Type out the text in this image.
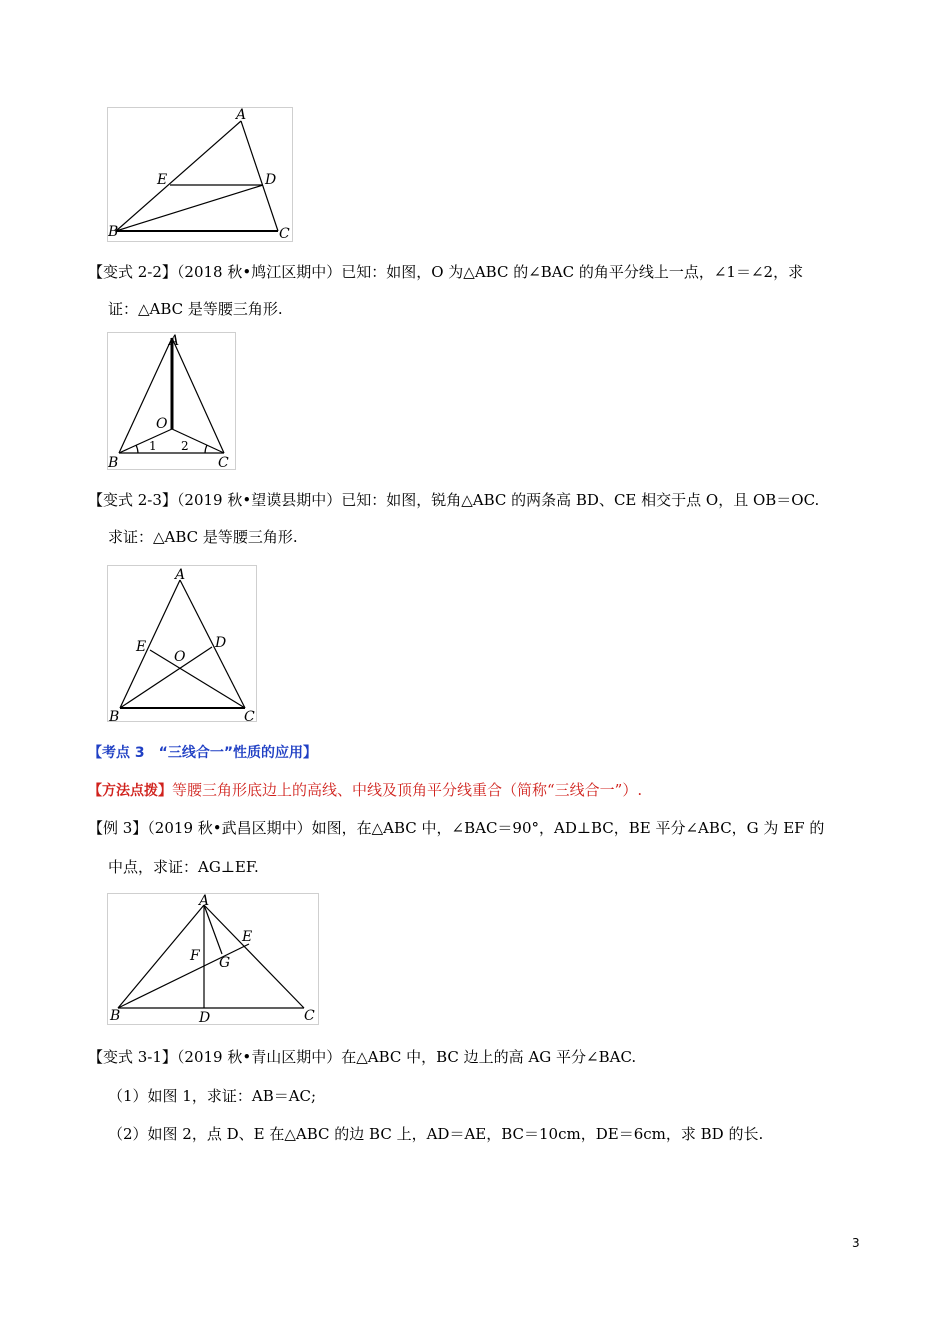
A
E	D
B	C
【变式 2-2】（2018 秋•鸠江区期中）已知：如图，O 为△ABC 的∠BAC 的角平分线上一点，∠1＝∠2，求
证：△ABC 是等腰三角形.
A
O
B	C
1 2
【变式 2-3】（2019 秋•望谟县期中）已知：如图，锐角△ABC 的两条高 BD、CE 相交于点 O，且 OB＝OC.
求证：△ABC 是等腰三角形.
A
E	D
O
B	C
【考点 3　“三线合一”性质的应用】
【方法点拨】等腰三角形底边上的高线、中线及顶角平分线重合（简称“三线合一”）.
【例 3】（2019 秋•武昌区期中）如图，在△ABC 中，∠BAC＝90°，AD⊥BC，BE 平分∠ABC，G 为 EF 的
中点，求证：AG⊥EF.
A
E
F G
B	D	C
【变式 3-1】（2019 秋•青山区期中）在△ABC 中，BC 边上的高 AG 平分∠BAC.
（1）如图 1，求证：AB＝AC;
（2）如图 2，点 D、E 在△ABC 的边 BC 上，AD＝AE，BC＝10cm，DE＝6cm，求 BD 的长.
3
